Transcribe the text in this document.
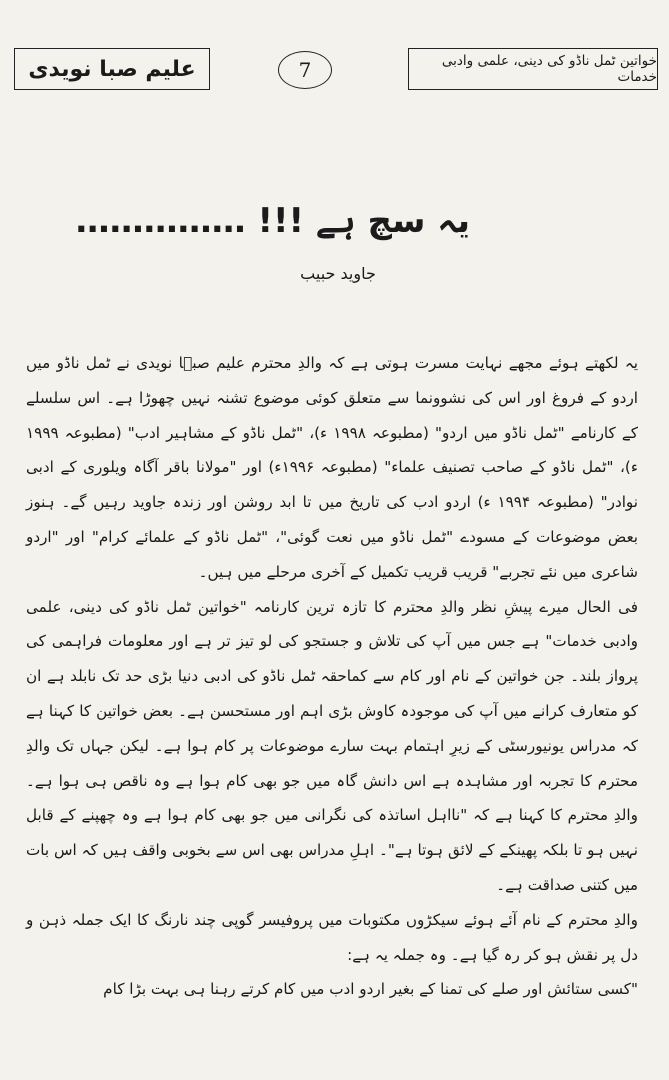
علیم صبا نویدی	7	خواتین ٹمل ناڈو کی دینی، علمی وادبی خدمات
یہ سچ ہے !!! ……………
جاوید حبیب

یہ لکھتے ہوئے مجھے نہایت مسرت ہوتی ہے کہ والدِ محترم علیم صبؔا نویدی نے ٹمل ناڈو میں اردو کے فروغ اور اس کی نشوونما سے متعلق کوئی موضوع تشنہ نہیں چھوڑا ہے۔ اس سلسلے کے کارنامے "ٹمل ناڈو میں اردو" (مطبوعہ ۱۹۹۸ ء)، "ٹمل ناڈو کے مشاہیر ادب" (مطبوعہ ۱۹۹۹ ء)، "ٹمل ناڈو کے صاحب تصنیف علماء" (مطبوعہ ۱۹۹۶ء) اور "مولانا باقر آگاہ ویلوری کے ادبی نوادر" (مطبوعہ ۱۹۹۴ ء) اردو ادب کی تاریخ میں تا ابد روشن اور زندہ جاوید رہیں گے۔ ہنوز بعض موضوعات کے مسودے "ٹمل ناڈو میں نعت گوئی"، "ٹمل ناڈو کے علمائے کرام" اور "اردو شاعری میں نئے تجربے" قریب قریب تکمیل کے آخری مرحلے میں ہیں۔

فی الحال میرے پیشِ نظر والدِ محترم کا تازہ ترین کارنامہ "خواتین ٹمل ناڈو کی دینی، علمی وادبی خدمات" ہے جس میں آپ کی تلاش و جستجو کی لو تیز تر ہے اور معلومات فراہمی کی پرواز بلند۔ جن خواتین کے نام اور کام سے کماحقہ ٹمل ناڈو کی ادبی دنیا بڑی حد تک نابلد ہے ان کو متعارف کرانے میں آپ کی موجودہ کاوش بڑی اہم اور مستحسن ہے۔ بعض خواتین کا کہنا ہے کہ مدراس یونیورسٹی کے زیرِ اہتمام بہت سارے موضوعات پر کام ہوا ہے۔ لیکن جہاں تک والدِ محترم کا تجربہ اور مشاہدہ ہے اس دانش گاہ میں جو بھی کام ہوا ہے وہ ناقص ہی ہوا ہے۔ والدِ محترم کا کہنا ہے کہ "نااہل اساتذہ کی نگرانی میں جو بھی کام ہوا ہے وہ چھپنے کے قابل نہیں ہو تا بلکہ پھینکے کے لائق ہوتا ہے"۔ اہلِ مدراس بھی اس سے بخوبی واقف ہیں کہ اس بات میں کتنی صداقت ہے۔

والدِ محترم کے نام آئے ہوئے سیکڑوں مکتوبات میں پروفیسر گوپی چند نارنگ کا ایک جملہ ذہن و دل پر نقش ہو کر رہ گیا ہے۔ وہ جملہ یہ ہے:

"کسی ستائش اور صلے کی تمنا کے بغیر اردو ادب میں کام کرتے رہنا ہی بہت بڑا کام
